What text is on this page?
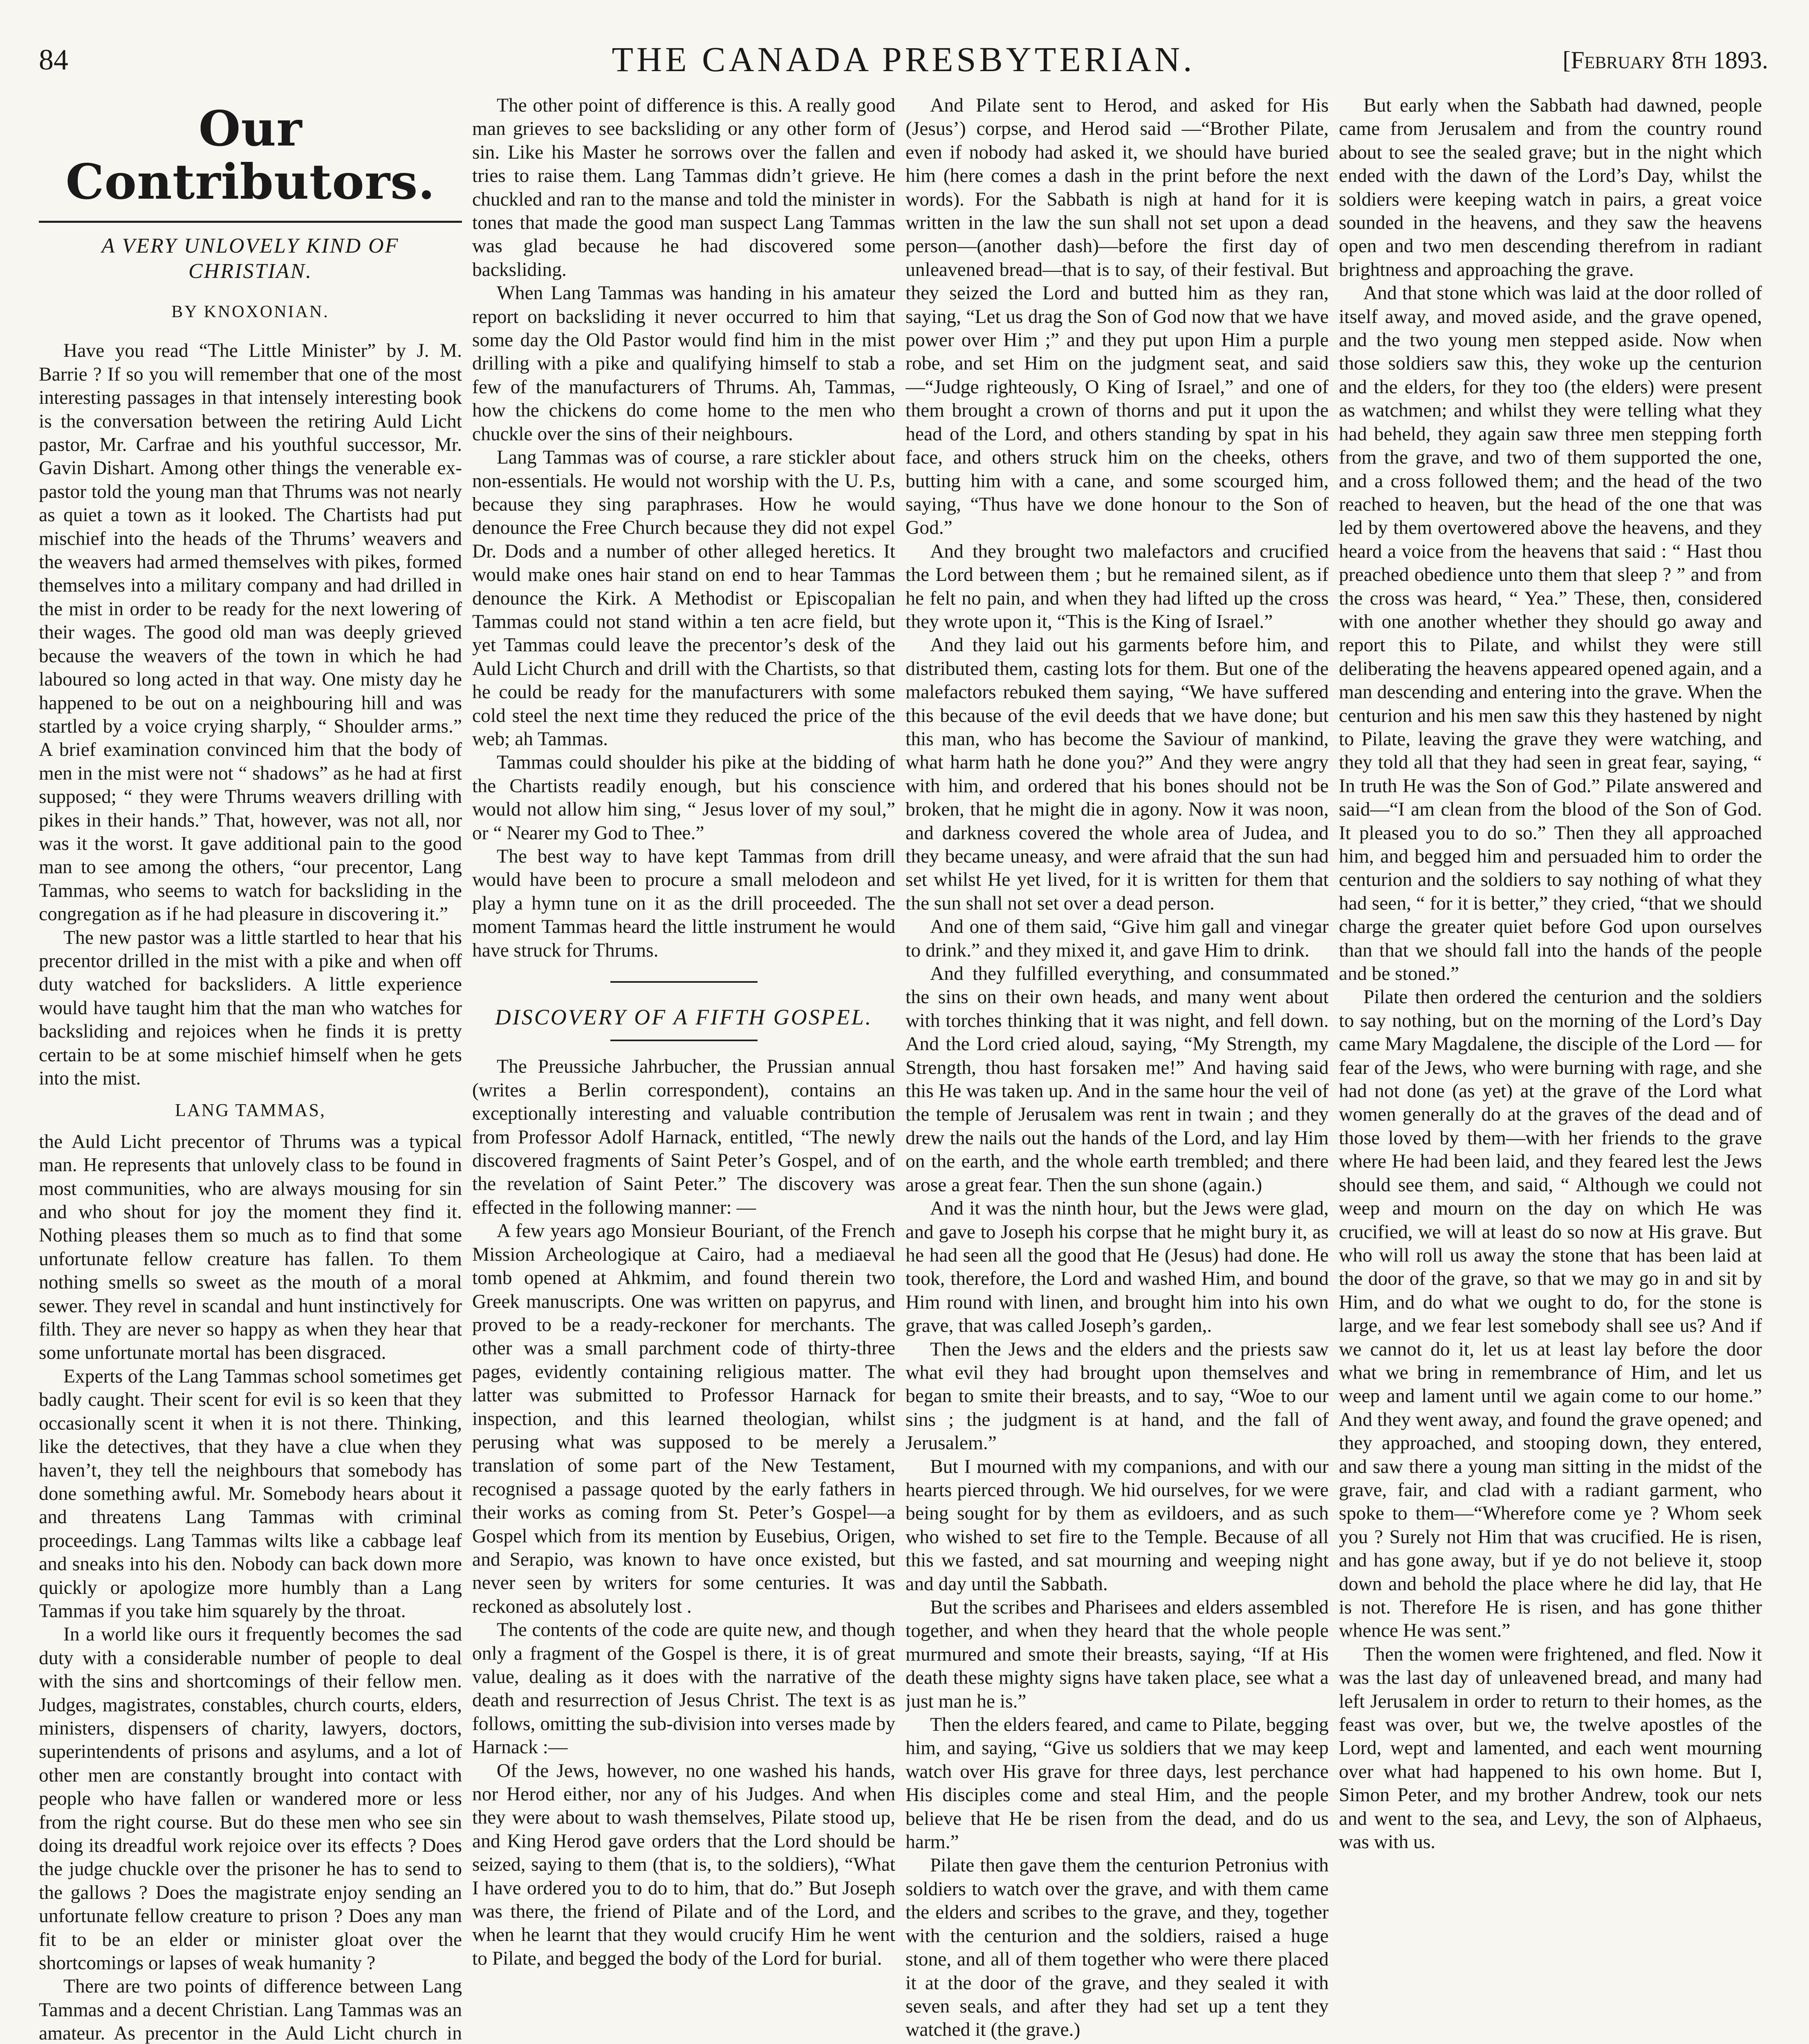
84	THE CANADA PRESBYTERIAN.	[February 8th 1893.
Our Contributors.
A VERY UNLOVELY KIND OF CHRISTIAN.
BY KNOXONIAN.

Have you read “The Little Minister” by J. M. Barrie ? If so you will remember that one of the most interesting passages in that intensely interesting book is the conversation between the retiring Auld Licht pastor, Mr. Carfrae and his youthful successor, Mr. Gavin Dishart. Among other things the venerable ex-pastor told the young man that Thrums was not nearly as quiet a town as it looked. The Chartists had put mischief into the heads of the Thrums’ weavers and the weavers had armed themselves with pikes, formed themselves into a military company and had drilled in the mist in order to be ready for the next lowering of their wages. The good old man was deeply grieved because the weavers of the town in which he had laboured so long acted in that way. One misty day he happened to be out on a neighbouring hill and was startled by a voice crying sharply, “ Shoulder arms.” A brief examination convinced him that the body of men in the mist were not “ shadows” as he had at first supposed; “ they were Thrums weavers drilling with pikes in their hands.” That, however, was not all, nor was it the worst. It gave additional pain to the good man to see among the others, “our precentor, Lang Tammas, who seems to watch for backsliding in the congregation as if he had pleasure in discovering it.”

The new pastor was a little startled to hear that his precentor drilled in the mist with a pike and when off duty watched for backsliders. A little experience would have taught him that the man who watches for backsliding and rejoices when he finds it is pretty certain to be at some mischief himself when he gets into the mist.

LANG TAMMAS,

the Auld Licht precentor of Thrums was a typical man. He represents that unlovely class to be found in most communities, who are always mousing for sin and who shout for joy the moment they find it. Nothing pleases them so much as to find that some unfortunate fellow creature has fallen. To them nothing smells so sweet as the mouth of a moral sewer. They revel in scandal and hunt instinctively for filth. They are never so happy as when they hear that some unfortunate mortal has been disgraced.

Experts of the Lang Tammas school sometimes get badly caught. Their scent for evil is so keen that they occasionally scent it when it is not there. Thinking, like the detectives, that they have a clue when they haven’t, they tell the neighbours that somebody has done something awful. Mr. Somebody hears about it and threatens Lang Tammas with criminal proceedings. Lang Tammas wilts like a cabbage leaf and sneaks into his den. Nobody can back down more quickly or apologize more humbly than a Lang Tammas if you take him squarely by the throat.

In a world like ours it frequently becomes the sad duty with a considerable number of people to deal with the sins and shortcomings of their fellow men. Judges, magistrates, constables, church courts, elders, ministers, dispensers of charity, lawyers, doctors, superintendents of prisons and asylums, and a lot of other men are constantly brought into contact with people who have fallen or wandered more or less from the right course. But do these men who see sin doing its dreadful work rejoice over its effects ? Does the judge chuckle over the prisoner he has to send to the gallows ? Does the magistrate enjoy sending an unfortunate fellow creature to prison ? Does any man fit to be an elder or minister gloat over the shortcomings or lapses of weak humanity ?

There are two points of difference between Lang Tammas and a decent Christian. Lang Tammas was an amateur. As precentor in the Auld Licht church in

The other point of difference is this. A really good man grieves to see backsliding or any other form of sin. Like his Master he sorrows over the fallen and tries to raise them. Lang Tammas didn’t grieve. He chuckled and ran to the manse and told the minister in tones that made the good man suspect Lang Tammas was glad because he had discovered some backsliding.

When Lang Tammas was handing in his amateur report on backsliding it never occurred to him that some day the Old Pastor would find him in the mist drilling with a pike and qualifying himself to stab a few of the manufacturers of Thrums. Ah, Tammas, how the chickens do come home to the men who chuckle over the sins of their neighbours.

Lang Tammas was of course, a rare stickler about non-essentials. He would not worship with the U. P.s, because they sing paraphrases. How he would denounce the Free Church because they did not expel Dr. Dods and a number of other alleged heretics. It would make ones hair stand on end to hear Tammas denounce the Kirk. A Methodist or Episcopalian Tammas could not stand within a ten acre field, but yet Tammas could leave the precentor’s desk of the Auld Licht Church and drill with the Chartists, so that he could be ready for the manufacturers with some cold steel the next time they reduced the price of the web; ah Tammas.

Tammas could shoulder his pike at the bidding of the Chartists readily enough, but his conscience would not allow him sing, “ Jesus lover of my soul,” or “ Nearer my God to Thee.”

The best way to have kept Tammas from drill would have been to procure a small melodeon and play a hymn tune on it as the drill proceeded. The moment Tammas heard the little instrument he would have struck for Thrums.

DISCOVERY OF A FIFTH GOSPEL.

The Preussiche Jahrbucher, the Prussian annual (writes a Berlin correspondent), contains an exceptionally interesting and valuable contribution from Professor Adolf Harnack, entitled, “The newly discovered fragments of Saint Peter’s Gospel, and of the revelation of Saint Peter.” The discovery was effected in the following manner: —

A few years ago Monsieur Bouriant, of the French Mission Archeologique at Cairo, had a mediaeval tomb opened at Ahkmim, and found therein two Greek manuscripts. One was written on papyrus, and proved to be a ready-reckoner for merchants. The other was a small parchment code of thirty-three pages, evidently containing religious matter. The latter was submitted to Professor Harnack for inspection, and this learned theologian, whilst perusing what was supposed to be merely a translation of some part of the New Testament, recognised a passage quoted by the early fathers in their works as coming from St. Peter’s Gospel—a Gospel which from its mention by Eusebius, Origen, and Serapio, was known to have once existed, but never seen by writers for some centuries. It was reckoned as absolutely lost .

The contents of the code are quite new, and though only a fragment of the Gospel is there, it is of great value, dealing as it does with the narrative of the death and resurrection of Jesus Christ. The text is as follows, omitting the sub-division into verses made by Harnack :—

Of the Jews, however, no one washed his hands, nor Herod either, nor any of his Judges. And when they were about to wash themselves, Pilate stood up, and King Herod gave orders that the Lord should be seized, saying to them (that is, to the soldiers), “What I have ordered you to do to him, that do.” But Joseph was there, the friend of Pilate and of the Lord, and when he learnt that they would crucify Him he went to Pilate, and begged the body of the Lord for burial.

And Pilate sent to Herod, and asked for His (Jesus’) corpse, and Herod said —“Brother Pilate, even if nobody had asked it, we should have buried him (here comes a dash in the print before the next words). For the Sabbath is nigh at hand for it is written in the law the sun shall not set upon a dead person—(another dash)—before the first day of unleavened bread—that is to say, of their festival. But they seized the Lord and butted him as they ran, saying, “Let us drag the Son of God now that we have power over Him ;” and they put upon Him a purple robe, and set Him on the judgment seat, and said—“Judge righteously, O King of Israel,” and one of them brought a crown of thorns and put it upon the head of the Lord, and others standing by spat in his face, and others struck him on the cheeks, others butting him with a cane, and some scourged him, saying, “Thus have we done honour to the Son of God.”

And they brought two malefactors and crucified the Lord between them ; but he remained silent, as if he felt no pain, and when they had lifted up the cross they wrote upon it, “This is the King of Israel.”

And they laid out his garments before him, and distributed them, casting lots for them. But one of the malefactors rebuked them saying, “We have suffered this because of the evil deeds that we have done; but this man, who has become the Saviour of mankind, what harm hath he done you?” And they were angry with him, and ordered that his bones should not be broken, that he might die in agony. Now it was noon, and darkness covered the whole area of Judea, and they became uneasy, and were afraid that the sun had set whilst He yet lived, for it is written for them that the sun shall not set over a dead person.

And one of them said, “Give him gall and vinegar to drink.” and they mixed it, and gave Him to drink.

And they fulfilled everything, and consummated the sins on their own heads, and many went about with torches thinking that it was night, and fell down. And the Lord cried aloud, saying, “My Strength, my Strength, thou hast forsaken me!” And having said this He was taken up. And in the same hour the veil of the temple of Jerusalem was rent in twain ; and they drew the nails out the hands of the Lord, and lay Him on the earth, and the whole earth trembled; and there arose a great fear. Then the sun shone (again.)

And it was the ninth hour, but the Jews were glad, and gave to Joseph his corpse that he might bury it, as he had seen all the good that He (Jesus) had done. He took, therefore, the Lord and washed Him, and bound Him round with linen, and brought him into his own grave, that was called Joseph’s garden,.

Then the Jews and the elders and the priests saw what evil they had brought upon themselves and began to smite their breasts, and to say, “Woe to our sins ; the judgment is at hand, and the fall of Jerusalem.”

But I mourned with my companions, and with our hearts pierced through. We hid ourselves, for we were being sought for by them as evildoers, and as such who wished to set fire to the Temple. Because of all this we fasted, and sat mourning and weeping night and day until the Sabbath.

But the scribes and Pharisees and elders assembled together, and when they heard that the whole people murmured and smote their breasts, saying, “If at His death these mighty signs have taken place, see what a just man he is.”

Then the elders feared, and came to Pilate, begging him, and saying, “Give us soldiers that we may keep watch over His grave for three days, lest perchance His disciples come and steal Him, and the people believe that He be risen from the dead, and do us harm.”

Pilate then gave them the centurion Petronius with soldiers to watch over the grave, and with them came the elders and scribes to the grave, and they, together with the centurion and the soldiers, raised a huge stone, and all of them together who were there placed it at the door of the grave, and they sealed it with seven seals, and after they had set up a tent they watched it (the grave.)

But early when the Sabbath had dawned, people came from Jerusalem and from the country round about to see the sealed grave; but in the night which ended with the dawn of the Lord’s Day, whilst the soldiers were keeping watch in pairs, a great voice sounded in the heavens, and they saw the heavens open and two men descending therefrom in radiant brightness and approaching the grave.

And that stone which was laid at the door rolled of itself away, and moved aside, and the grave opened, and the two young men stepped aside. Now when those soldiers saw this, they woke up the centurion and the elders, for they too (the elders) were present as watchmen; and whilst they were telling what they had beheld, they again saw three men stepping forth from the grave, and two of them supported the one, and a cross followed them; and the head of the two reached to heaven, but the head of the one that was led by them overtowered above the heavens, and they heard a voice from the heavens that said : “ Hast thou preached obedience unto them that sleep ? ” and from the cross was heard, “ Yea.” These, then, considered with one another whether they should go away and report this to Pilate, and whilst they were still deliberating the heavens appeared opened again, and a man descending and entering into the grave. When the centurion and his men saw this they hastened by night to Pilate, leaving the grave they were watching, and they told all that they had seen in great fear, saying, “ In truth He was the Son of God.” Pilate answered and said—“I am clean from the blood of the Son of God. It pleased you to do so.” Then they all approached him, and begged him and persuaded him to order the centurion and the soldiers to say nothing of what they had seen, “ for it is better,” they cried, “that we should charge the greater quiet before God upon ourselves than that we should fall into the hands of the people and be stoned.”

Pilate then ordered the centurion and the soldiers to say nothing, but on the morning of the Lord’s Day came Mary Magdalene, the disciple of the Lord — for fear of the Jews, who were burning with rage, and she had not done (as yet) at the grave of the Lord what women generally do at the graves of the dead and of those loved by them—with her friends to the grave where He had been laid, and they feared lest the Jews should see them, and said, “ Although we could not weep and mourn on the day on which He was crucified, we will at least do so now at His grave. But who will roll us away the stone that has been laid at the door of the grave, so that we may go in and sit by Him, and do what we ought to do, for the stone is large, and we fear lest somebody shall see us? And if we cannot do it, let us at least lay before the door what we bring in remembrance of Him, and let us weep and lament until we again come to our home.” And they went away, and found the grave opened; and they approached, and stooping down, they entered, and saw there a young man sitting in the midst of the grave, fair, and clad with a radiant garment, who spoke to them—“Wherefore come ye ? Whom seek you ? Surely not Him that was crucified. He is risen, and has gone away, but if ye do not believe it, stoop down and behold the place where he did lay, that He is not. Therefore He is risen, and has gone thither whence He was sent.”

Then the women were frightened, and fled. Now it was the last day of unleavened bread, and many had left Jerusalem in order to return to their homes, as the feast was over, but we, the twelve apostles of the Lord, wept and lamented, and each went mourning over what had happened to his own home. But I, Simon Peter, and my brother Andrew, took our nets and went to the sea, and Levy, the son of Alphaeus, was with us.
